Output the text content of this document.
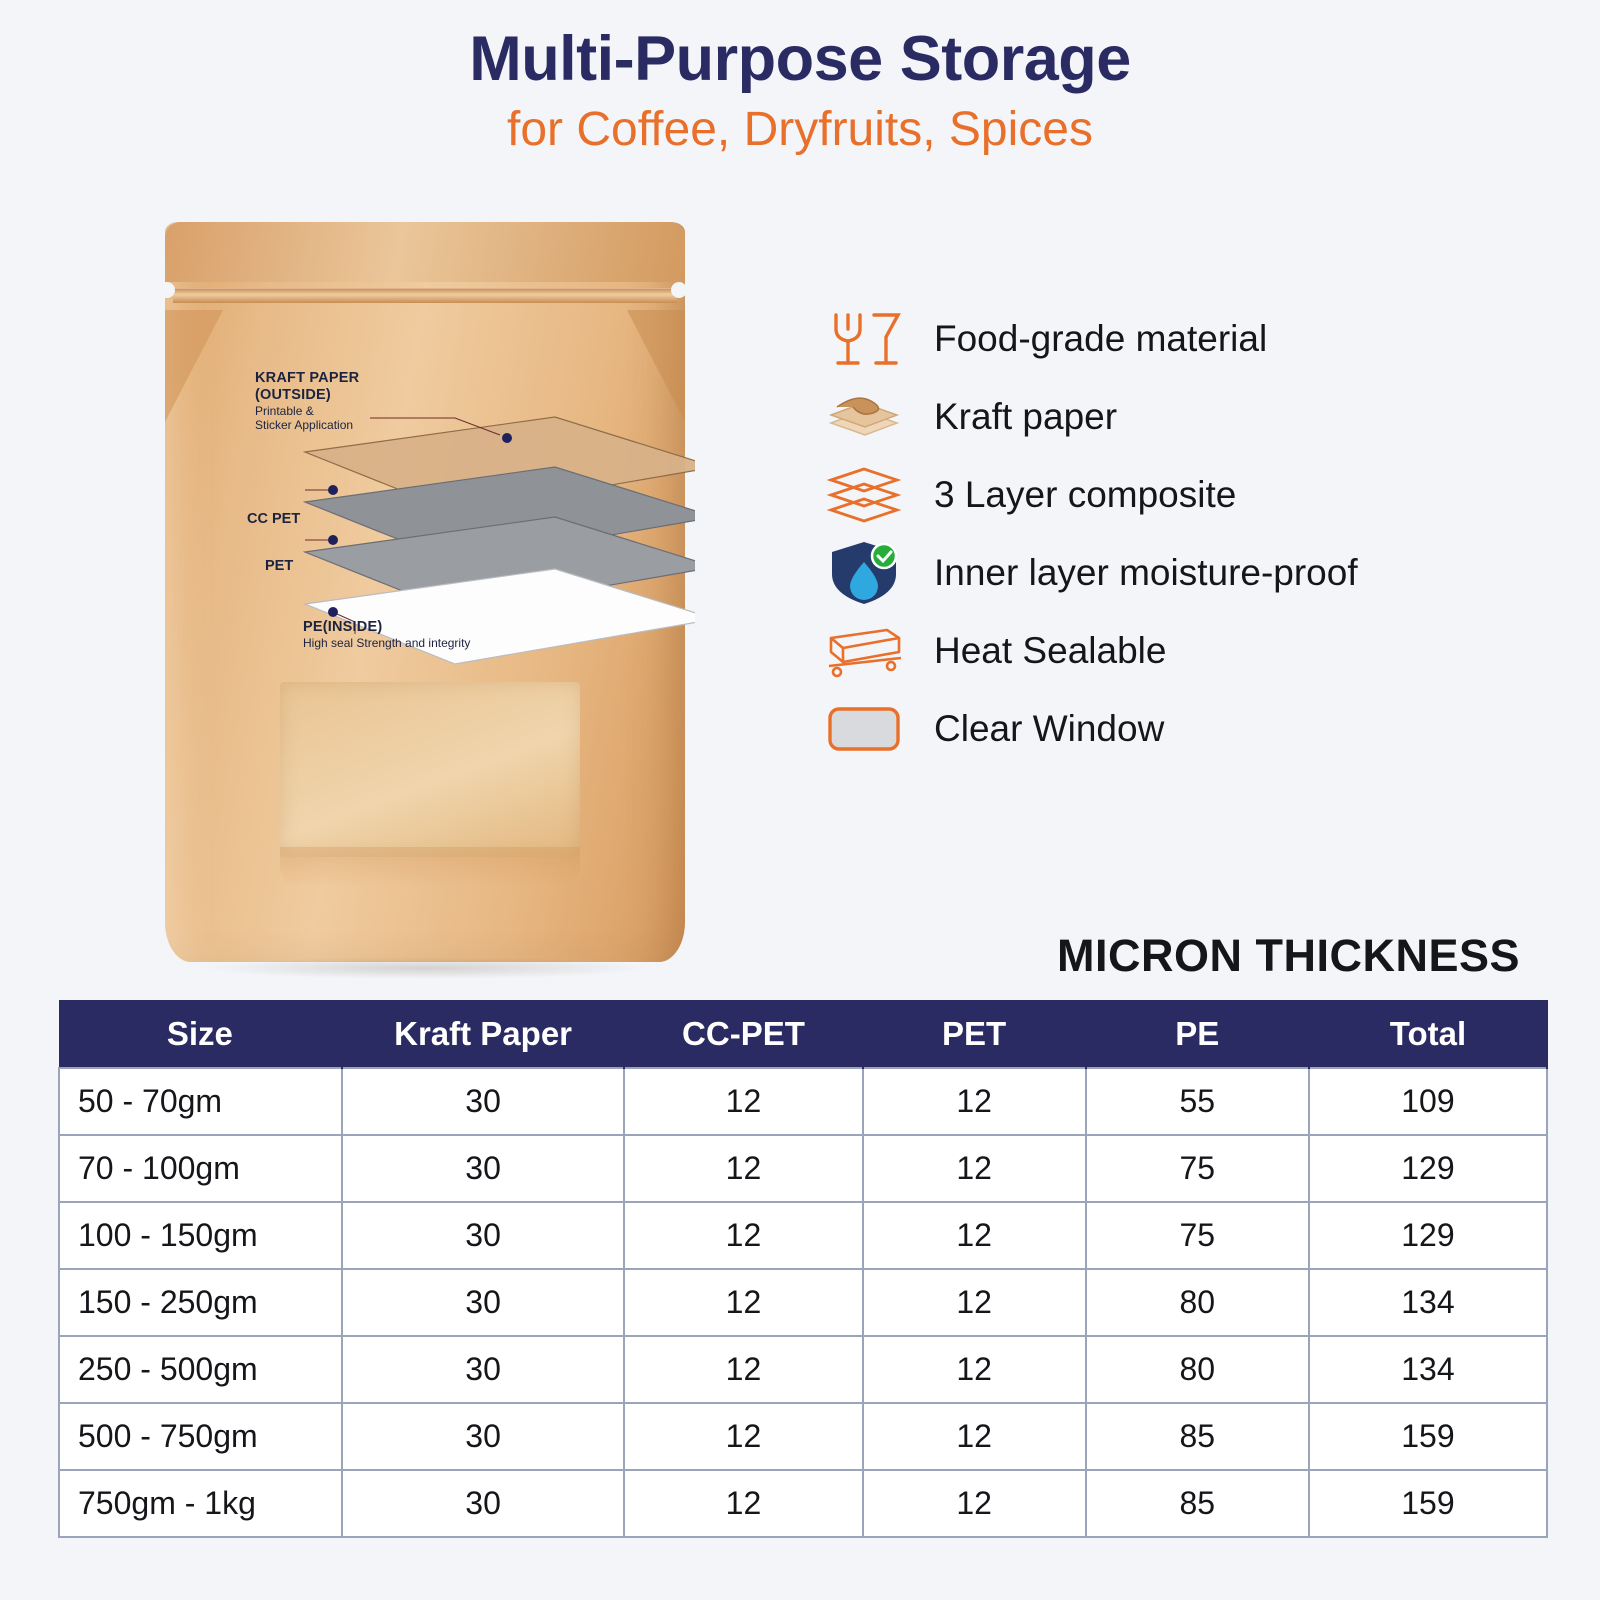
Multi-Purpose Storage
for Coffee, Dryfruits, Spices
KRAFT PAPER
(OUTSIDE)
Printable &
Sticker Application
CC PET
PET
PE(INSIDE)
High seal Strength and integrity
Food-grade material
Kraft paper
3 Layer composite
Inner layer moisture-proof
Heat Sealable
Clear Window
MICRON THICKNESS
Size	Kraft Paper	CC-PET	PET	PE	Total
50 - 70gm	30	12	12	55	109
70 - 100gm	30	12	12	75	129
100 - 150gm	30	12	12	75	129
150 - 250gm	30	12	12	80	134
250 - 500gm	30	12	12	80	134
500 - 750gm	30	12	12	85	159
750gm - 1kg	30	12	12	85	159
